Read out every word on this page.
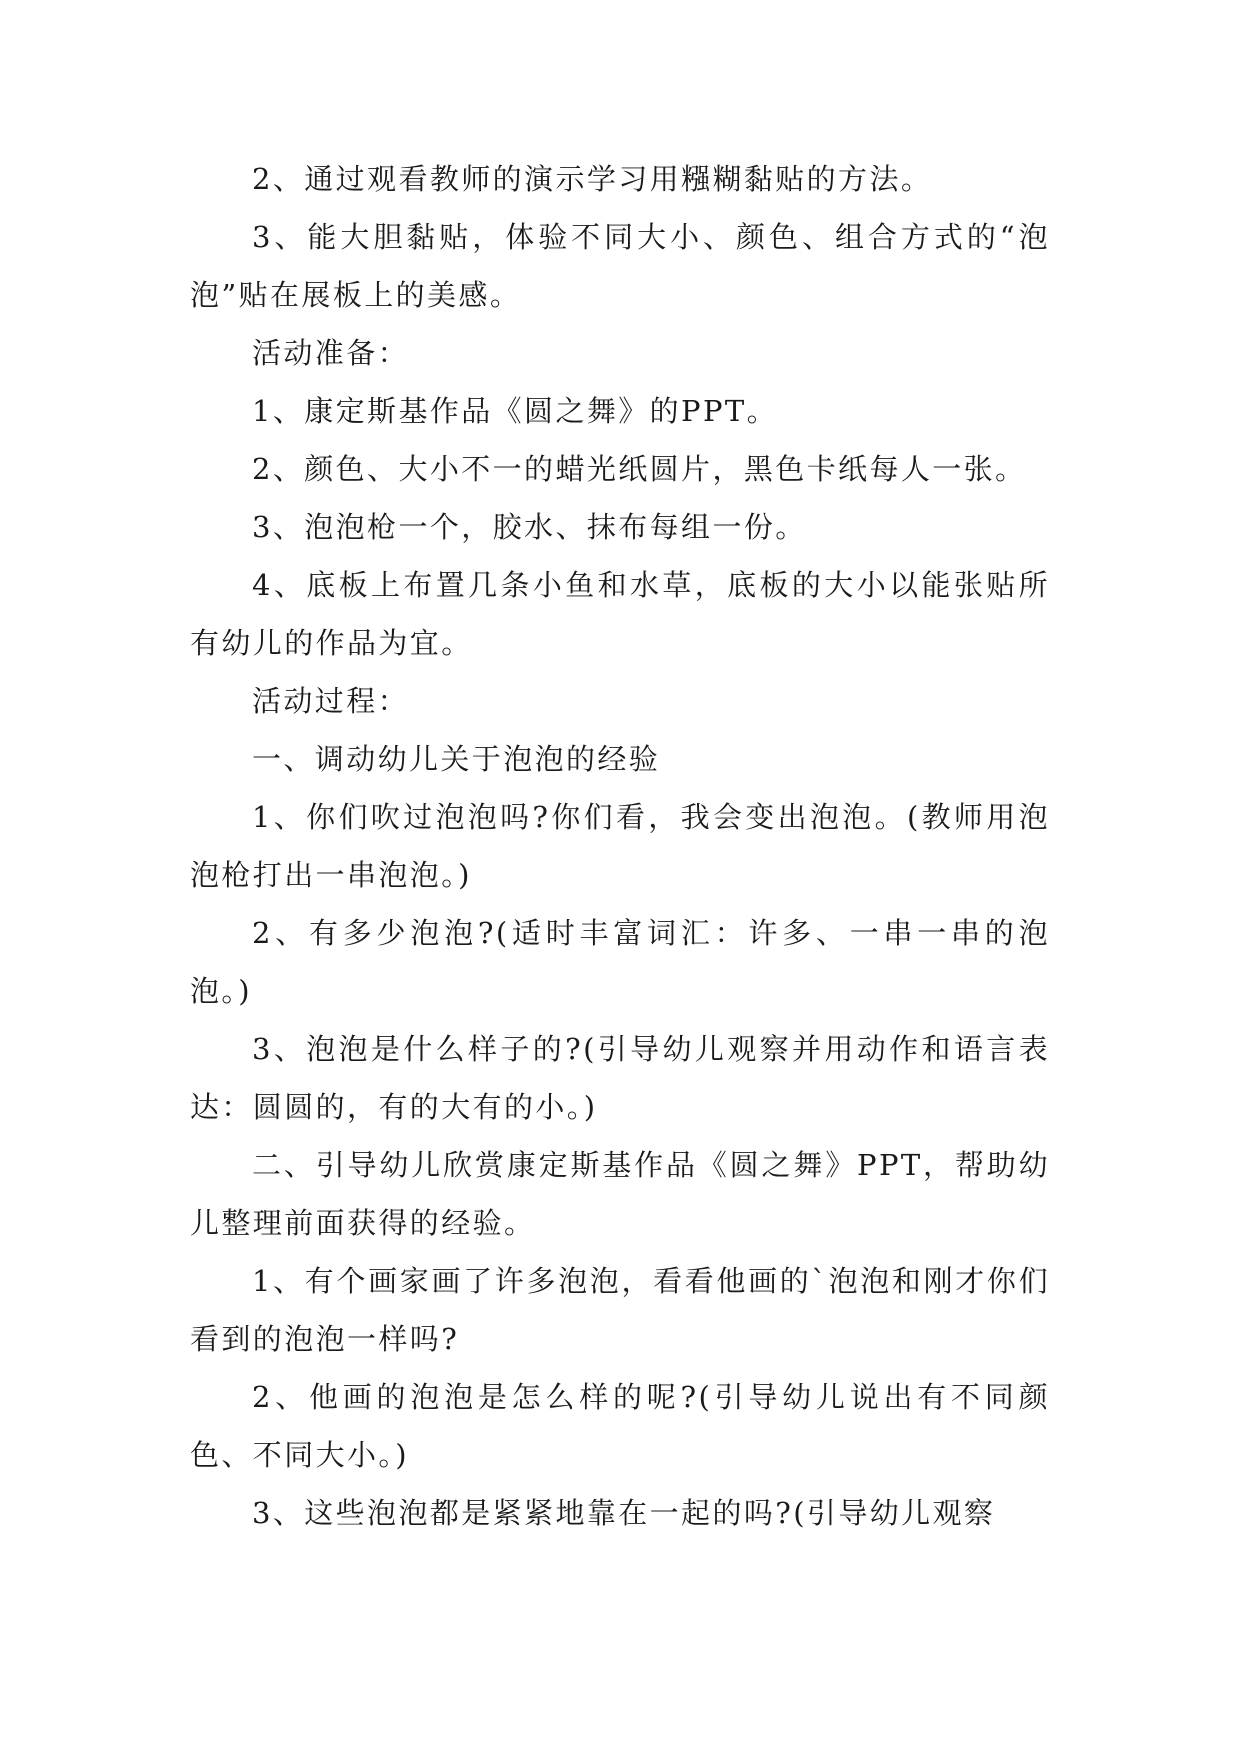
2、通过观看教师的演示学习用糨糊黏贴的方法。

3、能大胆黏贴，体验不同大小、颜色、组合方式的“泡泡”贴在展板上的美感。

活动准备：

1、康定斯基作品《圆之舞》的PPT。

2、颜色、大小不一的蜡光纸圆片，黑色卡纸每人一张。

3、泡泡枪一个，胶水、抹布每组一份。

4、底板上布置几条小鱼和水草，底板的大小以能张贴所有幼儿的作品为宜。

活动过程：

一、调动幼儿关于泡泡的经验

1、你们吹过泡泡吗?你们看，我会变出泡泡。(教师用泡泡枪打出一串泡泡。)

2、有多少泡泡?(适时丰富词汇：许多、一串一串的泡泡。)

3、泡泡是什么样子的?(引导幼儿观察并用动作和语言表达：圆圆的，有的大有的小。)

二、引导幼儿欣赏康定斯基作品《圆之舞》PPT，帮助幼儿整理前面获得的经验。

1、有个画家画了许多泡泡，看看他画的`泡泡和刚才你们看到的泡泡一样吗?

2、他画的泡泡是怎么样的呢?(引导幼儿说出有不同颜色、不同大小。)

3、这些泡泡都是紧紧地靠在一起的吗?(引导幼儿观察
